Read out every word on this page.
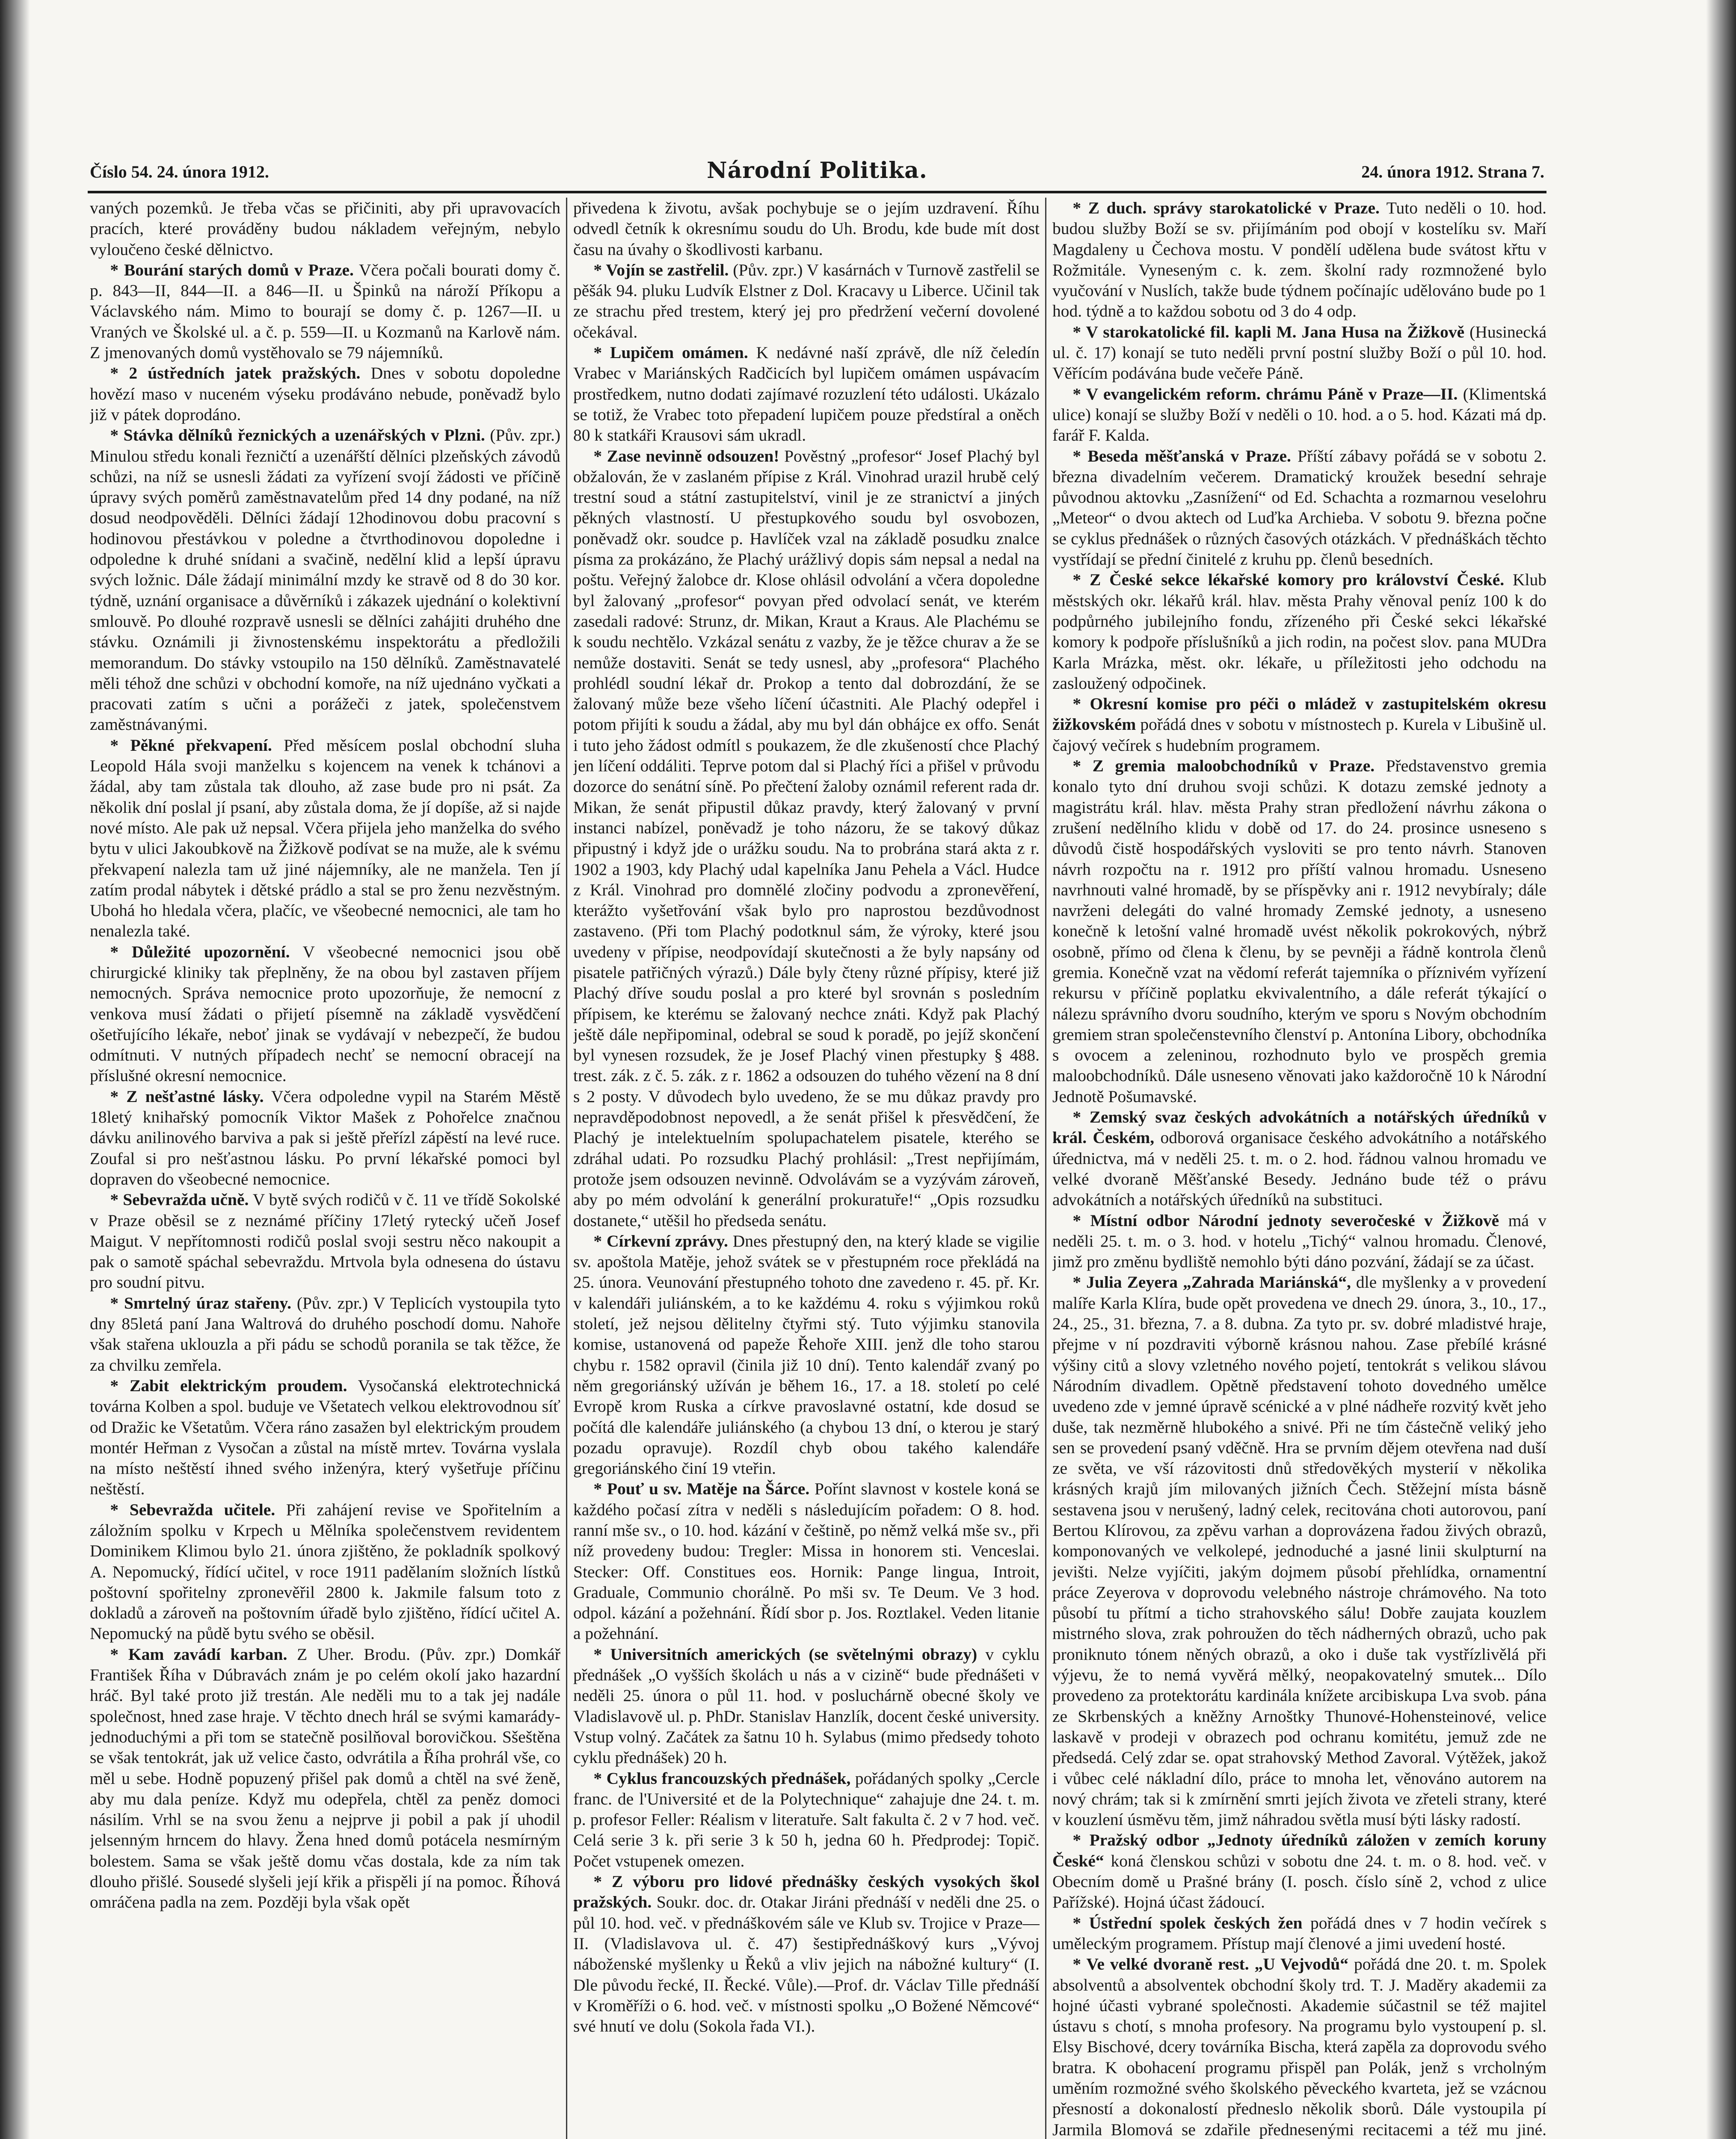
Číslo 54. 24. února 1912.	Národní Politika.	24. února 1912. Strana 7.

vaných pozemků. Je třeba včas se přičiniti, aby při upravovacích pracích, které prováděny budou nákladem veřejným, nebylo vyloučeno české dělnictvo.

* Bourání starých domů v Praze. Včera počali bourati domy č. p. 843—II, 844—II. a 846—II. u Špinků na nároží Příkopu a Václavského nám. Mimo to bourají se domy č. p. 1267—II. u Vraných ve Školské ul. a č. p. 559—II. u Kozmanů na Karlově nám. Z jmenovaných domů vystěhovalo se 79 nájemníků.

* 2 ústředních jatek pražských. Dnes v sobotu dopoledne hovězí maso v nuceném výseku prodáváno nebude, poněvadž bylo již v pátek doprodáno.

* Stávka dělníků řeznických a uzenářských v Plzni. (Pův. zpr.) Minulou středu konali řezničtí a uzenářští dělníci plzeňských závodů schůzi, na níž se usnesli žádati za vyřízení svojí žádosti ve příčině úpravy svých poměrů zaměstnavatelům před 14 dny podané, na níž dosud neodpověděli. Dělníci žádají 12hodinovou dobu pracovní s hodinovou přestávkou v poledne a čtvrthodinovou dopoledne i odpoledne k druhé snídani a svačině, nedělní klid a lepší úpravu svých ložnic. Dále žádají minimální mzdy ke stravě od 8 do 30 kor. týdně, uznání organisace a důvěrníků i zákazek ujednání o kolektivní smlouvě. Po dlouhé rozpravě usnesli se dělníci zahájiti druhého dne stávku. Oznámili ji živnostenskému inspektorátu a předložili memorandum. Do stávky vstoupilo na 150 dělníků. Zaměstnavatelé měli téhož dne schůzi v obchodní komoře, na níž ujednáno vyčkati a pracovati zatím s učni a porážeči z jatek, společenstvem zaměstnávanými.

* Pěkné překvapení. Před měsícem poslal obchodní sluha Leopold Hála svoji manželku s kojencem na venek k tchánovi a žádal, aby tam zůstala tak dlouho, až zase bude pro ni psát. Za několik dní poslal jí psaní, aby zůstala doma, že jí dopíše, až si najde nové místo. Ale pak už nepsal. Včera přijela jeho manželka do svého bytu v ulici Jakoubkově na Žižkově podívat se na muže, ale k svému překvapení nalezla tam už jiné nájemníky, ale ne manžela. Ten jí zatím prodal nábytek i dětské prádlo a stal se pro ženu nezvěstným. Ubohá ho hledala včera, plačíc, ve všeobecné nemocnici, ale tam ho nenalezla také.

* Důležité upozornění. V všeobecné nemocnici jsou obě chirurgické kliniky tak přeplněny, že na obou byl zastaven příjem nemocných. Správa nemocnice proto upozorňuje, že nemocní z venkova musí žádati o přijetí písemně na základě vysvědčení ošetřujícího lékaře, neboť jinak se vydávají v nebezpečí, že budou odmítnuti. V nutných případech nechť se nemocní obracejí na příslušné okresní nemocnice.

* Z nešťastné lásky. Včera odpoledne vypil na Starém Městě 18letý knihařský pomocník Viktor Mašek z Pohořelce značnou dávku anilinového barviva a pak si ještě přeřízl zápěstí na levé ruce. Zoufal si pro nešťastnou lásku. Po první lékařské pomoci byl dopraven do všeobecné nemocnice.

* Sebevražda učně. V bytě svých rodičů v č. 11 ve třídě Sokolské v Praze oběsil se z neznámé příčiny 17letý rytecký učeň Josef Maigut. V nepřítomnosti rodičů poslal svoji sestru něco nakoupit a pak o samotě spáchal sebevraždu. Mrtvola byla odnesena do ústavu pro soudní pitvu.

* Smrtelný úraz stařeny. (Pův. zpr.) V Teplicích vystoupila tyto dny 85letá paní Jana Waltrová do druhého poschodí domu. Nahoře však stařena uklouzla a při pádu se schodů poranila se tak těžce, že za chvilku zemřela.

* Zabit elektrickým proudem. Vysočanská elektrotechnická továrna Kolben a spol. buduje ve Všetatech velkou elektrovodnou síť od Dražic ke Všetatům. Včera ráno zasažen byl elektrickým proudem montér Heřman z Vysočan a zůstal na místě mrtev. Továrna vyslala na místo neštěstí ihned svého inženýra, který vyšetřuje příčinu neštěstí.

* Sebevražda učitele. Při zahájení revise ve Spořitelním a záložním spolku v Krpech u Mělníka společenstvem revidentem Dominikem Klimou bylo 21. února zjištěno, že pokladník spolkový A. Nepomucký, řídící učitel, v roce 1911 padělaním složních lístků poštovní spořitelny zpronevěřil 2800 k. Jakmile falsum toto z dokladů a zároveň na poštovním úřadě bylo zjištěno, řídící učitel A. Nepomucký na půdě bytu svého se oběsil.

* Kam zavádí karban. Z Uher. Brodu. (Pův. zpr.) Domkář František Říha v Dúbravách znám je po celém okolí jako hazardní hráč. Byl také proto již trestán. Ale neděli mu to a tak jej nadále společnost, hned zase hraje. V těchto dnech hrál se svými kamarády-jednoduchými a při tom se statečně posilňoval borovičkou. Sšeštěna se však tentokrát, jak už velice často, odvrátila a Říha prohrál vše, co měl u sebe. Hodně popuzený přišel pak domů a chtěl na své ženě, aby mu dala peníze. Když mu odepřela, chtěl za peněz domoci násilím. Vrhl se na svou ženu a nejprve ji pobil a pak jí uhodil jelsenným hrncem do hlavy. Žena hned domů potácela nesmírným bolestem. Sama se však ještě domu včas dostala, kde za ním tak dlouho přišlé. Sousedé slyšeli její křik a přispěli jí na pomoc. Říhová omráčena padla na zem. Později byla však opět

přivedena k životu, avšak pochybuje se o jejím uzdravení. Říhu odvedl četník k okresnímu soudu do Uh. Brodu, kde bude mít dost času na úvahy o škodlivosti karbanu.

* Vojín se zastřelil. (Pův. zpr.) V kasárnách v Turnově zastřelil se pěšák 94. pluku Ludvík Elstner z Dol. Kracavy u Liberce. Učinil tak ze strachu před trestem, který jej pro předržení večerní dovolené očekával.

* Lupičem omámen. K nedávné naší zprávě, dle níž čeledín Vrabec v Mariánských Radčicích byl lupičem omámen uspávacím prostředkem, nutno dodati zajímavé rozuzlení této události. Ukázalo se totiž, že Vrabec toto přepadení lupičem pouze předstíral a oněch 80 k statkáři Krausovi sám ukradl.

* Zase nevinně odsouzen! Pověstný „profesor“ Josef Plachý byl obžalován, že v zaslaném přípise z Král. Vinohrad urazil hrubě celý trestní soud a státní zastupitelství, vinil je ze stranictví a jiných pěkných vlastností. U přestupkového soudu byl osvobozen, poněvadž okr. soudce p. Havlíček vzal na základě posudku znalce písma za prokázáno, že Plachý urážlivý dopis sám nepsal a nedal na poštu. Veřejný žalobce dr. Klose ohlásil odvolání a včera dopoledne byl žalovaný „profesor“ povyan před odvolací senát, ve kterém zasedali radové: Strunz, dr. Mikan, Kraut a Kraus. Ale Plachému se k soudu nechtělo. Vzkázal senátu z vazby, že je těžce churav a že se nemůže dostaviti. Senát se tedy usnesl, aby „profesora“ Plachého prohlédl soudní lékař dr. Prokop a tento dal dobrozdání, že se žalovaný může beze všeho líčení účastniti. Ale Plachý odepřel i potom přijíti k soudu a žádal, aby mu byl dán obhájce ex offo. Senát i tuto jeho žádost odmítl s poukazem, že dle zkušeností chce Plachý jen líčení oddáliti. Teprve potom dal si Plachý říci a přišel v průvodu dozorce do senátní síně. Po přečtení žaloby oznámil referent rada dr. Mikan, že senát připustil důkaz pravdy, který žalovaný v první instanci nabízel, poněvadž je toho názoru, že se takový důkaz připustný i když jde o urážku soudu. Na to probrána stará akta z r. 1902 a 1903, kdy Plachý udal kapelníka Janu Pehela a Václ. Hudce z Král. Vinohrad pro domnělé zločiny podvodu a zpronevěření, kterážto vyšetřování však bylo pro naprostou bezdůvodnost zastaveno. (Při tom Plachý podotknul sám, že výroky, které jsou uvedeny v přípise, neodpovídají skutečnosti a že byly napsány od pisatele patřičných výrazů.) Dále byly čteny různé přípisy, které již Plachý dříve soudu poslal a pro které byl srovnán s posledním přípisem, ke kterému se žalovaný nechce znáti. Když pak Plachý ještě dále nepřipominal, odebral se soud k poradě, po jejíž skončení byl vynesen rozsudek, že je Josef Plachý vinen přestupky § 488. trest. zák. z č. 5. zák. z r. 1862 a odsouzen do tuhého vězení na 8 dní s 2 posty. V důvodech bylo uvedeno, že se mu důkaz pravdy pro nepravděpodobnost nepovedl, a že senát přišel k přesvědčení, že Plachý je intelektuelním spolupachatelem pisatele, kterého se zdráhal udati. Po rozsudku Plachý prohlásil: „Trest nepřijímám, protože jsem odsouzen nevinně. Odvolávám se a vyzývám zároveň, aby po mém odvolání k generální prokuratuře!“ „Opis rozsudku dostanete,“ utěšil ho předseda senátu.

* Církevní zprávy. Dnes přestupný den, na který klade se vigilie sv. apoštola Matěje, jehož svátek se v přestupném roce překládá na 25. února. Veunování přestupného tohoto dne zavedeno r. 45. př. Kr. v kalendáři juliánském, a to ke každému 4. roku s výjimkou roků století, jež nejsou dělitelny čtyřmi stý. Tuto výjimku stanovila komise, ustanovená od papeže Řehoře XIII. jenž dle toho starou chybu r. 1582 opravil (činila již 10 dní). Tento kalendář zvaný po něm gregoriánský užíván je během 16., 17. a 18. století po celé Evropě krom Ruska a církve pravoslavné ostatní, kde dosud se počítá dle kalendáře juliánského (a chybou 13 dní, o kterou je starý pozadu opravuje). Rozdíl chyb obou takého kalendáře gregoriánského činí 19 vteřin.

* Pouť u sv. Matěje na Šárce. Pořínt slavnost v kostele koná se každého počasí zítra v neděli s následujícím pořadem: O 8. hod. ranní mše sv., o 10. hod. kázání v češtině, po němž velká mše sv., při níž provedeny budou: Tregler: Missa in honorem sti. Venceslai. Stecker: Off. Constitues eos. Hornik: Pange lingua, Introit, Graduale, Communio chorálně. Po mši sv. Te Deum. Ve 3 hod. odpol. kázání a požehnání. Řídí sbor p. Jos. Roztlakel. Veden litanie a požehnání.

* Universitních amerických (se světelnými obrazy) v cyklu přednášek „O vyšších školách u nás a v cizině“ bude přednášeti v neděli 25. února o půl 11. hod. v posluchárně obecné školy ve Vladislavově ul. p. PhDr. Stanislav Hanzlík, docent české university. Vstup volný. Začátek za šatnu 10 h. Sylabus (mimo předsedy tohoto cyklu přednášek) 20 h.

* Cyklus francouzských přednášek, pořádaných spolky „Cercle franc. de l'Université et de la Polytechnique“ zahajuje dne 24. t. m. p. profesor Feller: Réalism v literatuře. Salt fakulta č. 2 v 7 hod. več. Celá serie 3 k. při serie 3 k 50 h, jedna 60 h. Předprodej: Topič. Počet vstupenek omezen.

* Z výboru pro lidové přednášky českých vysokých škol pražských. Soukr. doc. dr. Otakar Jiráni přednáší v neděli dne 25. o půl 10. hod. več. v přednáškovém sále ve Klub sv. Trojice v Praze—II. (Vladislavova ul. č. 47) šestipřednáškový kurs „Vývoj náboženské myšlenky u Řeků a vliv jejich na nábožné kultury“ (I. Dle původu řecké, II. Řecké. Vůle).—Prof. dr. Václav Tille přednáší v Kroměříži o 6. hod. več. v místnosti spolku „O Božené Němcové“ své hnutí ve dolu (Sokola řada VI.).

* Z duch. správy starokatolické v Praze. Tuto neděli o 10. hod. budou služby Boží se sv. přijímáním pod obojí v kostelíku sv. Maří Magdaleny u Čechova mostu. V pondělí udělena bude svátost křtu v Rožmitále. Vyneseným c. k. zem. školní rady rozmnožené bylo vyučování v Nuslích, takže bude týdnem počínajíc udělováno bude po 1 hod. týdně a to každou sobotu od 3 do 4 odp.

* V starokatolické fil. kapli M. Jana Husa na Žižkově (Husinecká ul. č. 17) konají se tuto neděli první postní služby Boží o půl 10. hod. Věřícím podávána bude večeře Páně.

* V evangelickém reform. chrámu Páně v Praze—II. (Klimentská ulice) konají se služby Boží v neděli o 10. hod. a o 5. hod. Kázati má dp. farář F. Kalda.

* Beseda měšťanská v Praze. Příští zábavy pořádá se v sobotu 2. března divadelním večerem. Dramatický kroužek besední sehraje původnou aktovku „Zasnížení“ od Ed. Schachta a rozmarnou veselohru „Meteor“ o dvou aktech od Luďka Archieba. V sobotu 9. března počne se cyklus přednášek o různých časových otázkách. V přednáškách těchto vystřídají se přední činitelé z kruhu pp. členů besedních.

* Z České sekce lékařské komory pro království České. Klub městských okr. lékařů král. hlav. města Prahy věnoval peníz 100 k do podpůrného jubilejního fondu, zřízeného při České sekci lékařské komory k podpoře příslušníků a jich rodin, na počest slov. pana MUDra Karla Mrázka, měst. okr. lékaře, u příležitosti jeho odchodu na zasloužený odpočinek.

* Okresní komise pro péči o mládež v zastupitelském okresu žižkovském pořádá dnes v sobotu v místnostech p. Kurela v Libušině ul. čajový večírek s hudebním programem.

* Z gremia maloobchodníků v Praze. Představenstvo gremia konalo tyto dní druhou svoji schůzi. K dotazu zemské jednoty a magistrátu král. hlav. města Prahy stran předložení návrhu zákona o zrušení nedělního klidu v době od 17. do 24. prosince usneseno s důvodů čistě hospodářských vysloviti se pro tento návrh. Stanoven návrh rozpočtu na r. 1912 pro příští valnou hromadu. Usneseno navrhnouti valné hromadě, by se příspěvky ani r. 1912 nevybíraly; dále navrženi delegáti do valné hromady Zemské jednoty, a usneseno konečně k letošní valné hromadě uvést několik pokrokových, nýbrž osobně, přímo od člena k členu, by se pevněji a řádně kontrola členů gremia. Konečně vzat na vědomí referát tajemníka o příznivém vyřízení rekursu v příčině poplatku ekvivalentního, a dále referát týkající o nálezu správního dvoru soudního, kterým ve sporu s Novým obchodním gremiem stran společenstevního členství p. Antonína Libory, obchodníka s ovocem a zeleninou, rozhodnuto bylo ve prospěch gremia maloobchodníků. Dále usneseno věnovati jako každoročně 10 k Národní Jednotě Pošumavské.

* Zemský svaz českých advokátních a notářských úředníků v král. Českém, odborová organisace českého advokátního a notářského úřednictva, má v neděli 25. t. m. o 2. hod. řádnou valnou hromadu ve velké dvoraně Měšťanské Besedy. Jednáno bude též o právu advokátních a notářských úředníků na substituci.

* Místní odbor Národní jednoty severočeské v Žižkově má v neděli 25. t. m. o 3. hod. v hotelu „Tichý“ valnou hromadu. Členové, jimž pro změnu bydliště nemohlo býti dáno pozvání, žádají se za účast.

* Julia Zeyera „Zahrada Mariánská“, dle myšlenky a v provedení malíře Karla Klíra, bude opět provedena ve dnech 29. února, 3., 10., 17., 24., 25., 31. března, 7. a 8. dubna. Za tyto pr. sv. dobré mladistvé hraje, přejme v ní pozdraviti výborně krásnou nahou. Zase přebílé krásné výšiny citů a slovy vzletného nového pojetí, tentokrát s velikou slávou Národním divadlem. Opětně představení tohoto dovedného umělce uvedeno zde v jemné úpravě scénické a v plné nádheře rozvitý květ jeho duše, tak nezměrně hlubokého a snivé. Při ne tím částečně veliký jeho sen se provedení psaný vděčně. Hra se prvním dějem otevřena nad duší ze světa, ve vší rázovitosti dnů středověkých mysterií v několika krásných krajů jím milovaných jižních Čech. Stěžejní místa básně sestavena jsou v nerušený, ladný celek, recitována choti autorovou, paní Bertou Klírovou, za zpěvu varhan a doprovázena řadou živých obrazů, komponovaných ve velkolepé, jednoduché a jasné linii skulpturní na jevišti. Nelze vyjíčiti, jakým dojmem působí přehlídka, ornamentní práce Zeyerova v doprovodu velebného nástroje chrámového. Na toto působí tu přítmí a ticho strahovského sálu! Dobře zaujata kouzlem mistrného slova, zrak pohroužen do těch nádherných obrazů, ucho pak proniknuto tónem něných obrazů, a oko i duše tak vystřízlivělá při výjevu, že to nemá vyvěrá mělký, neopakovatelný smutek... Dílo provedeno za protektorátu kardinála knížete arcibiskupa Lva svob. pána ze Skrbenských a kněžny Arnoštky Thunové-Hohensteinové, velice laskavě v prodeji v obrazech pod ochranu komitétu, jemuž zde ne předsedá. Celý zdar se. opat strahovský Method Zavoral. Výtěžek, jakož i vůbec celé nákladní dílo, práce to mnoha let, věnováno autorem na nový chrám; tak si k zmírnění smrti jejích života ve zřeteli strany, které v kouzlení úsměvu těm, jimž náhradou světla musí býti lásky radostí.

* Pražský odbor „Jednoty úředníků záložen v zemích koruny České“ koná členskou schůzi v sobotu dne 24. t. m. o 8. hod. več. v Obecním domě u Prašné brány (I. posch. číslo síně 2, vchod z ulice Pařížské). Hojná účast žádoucí.

* Ústřední spolek českých žen pořádá dnes v 7 hodin večírek s uměleckým programem. Přístup mají členové a jimi uvedení hosté.

* Ve velké dvoraně rest. „U Vejvodů“ pořádá dne 20. t. m. Spolek absolventů a absolventek obchodní školy trd. T. J. Maděry akademii za hojné účasti vybrané společnosti. Akademie súčastnil se též majitel ústavu s chotí, s mnoha profesory. Na programu bylo vystoupení p. sl. Elsy Bischové, dcery továrníka Bischa, která zapěla za doprovodu svého bratra. K obohacení programu přispěl pan Polák, jenž s vrcholným uměním rozmožné svého školského pěveckého kvarteta, jež se vzácnou přesností a dokonalostí předneslo několik sborů. Dále vystoupila pí Jarmila Blomová se zdařile přednesenými recitacemi a též mu jiné.
